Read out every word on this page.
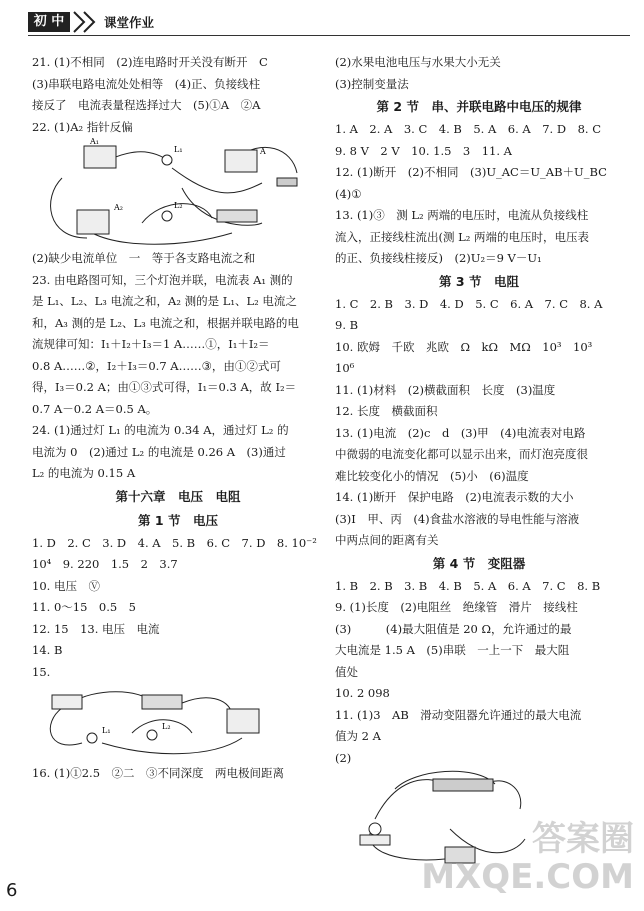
初 中	课堂作业
21. (1)不相同　(2)连电路时开关没有断开　C
(3)串联电路电流处处相等　(4)正、负接线柱
接反了　电流表量程选择过大　(5)①A　②A
22. (1)A₂ 指针反偏
A₁
A
A₂
L₁
L₂
(2)缺少电流单位　一　等于各支路电流之和
23. 由电路图可知，三个灯泡并联，电流表 A₁ 测的
是 L₁、L₂、L₃ 电流之和，A₂ 测的是 L₁、L₂ 电流之
和，A₃ 测的是 L₂、L₃ 电流之和，根据并联电路的电
流规律可知：I₁＋I₂＋I₃＝1 A……①，I₁＋I₂＝
0.8 A……②，I₂＋I₃＝0.7 A……③，由①②式可
得，I₃＝0.2 A；由①③式可得，I₁＝0.3 A，故 I₂＝
0.7 A－0.2 A＝0.5 A。
24. (1)通过灯 L₁ 的电流为 0.34 A，通过灯 L₂ 的
电流为 0　(2)通过 L₂ 的电流是 0.26 A　(3)通过
L₂ 的电流为 0.15 A
第十六章　电压　电阻
第 1 节　电压
1. D　2. C　3. D　4. A　5. B　6. C　7. D　8. 10⁻²
10⁴　9. 220　1.5　2　3.7
10. 电压　Ⓥ
11. 0～15　0.5　5
12. 15　13. 电压　电流
14. B
15.
L₁	L₂
16. (1)①2.5　②二　③不同深度　两电极间距离
(2)水果电池电压与水果大小无关
(3)控制变量法
第 2 节　串、并联电路中电压的规律
1. A　2. A　3. C　4. B　5. A　6. A　7. D　8. C
9. 8 V　2 V　10. 1.5　3　11. A
12. (1)断开　(2)不相同　(3)U_AC＝U_AB＋U_BC
(4)①
13. (1)③　测 L₂ 两端的电压时，电流从负接线柱
流入，正接线柱流出(测 L₂ 两端的电压时，电压表
的正、负接线柱接反)　(2)U₂＝9 V－U₁
第 3 节　电阻
1. C　2. B　3. D　4. D　5. C　6. A　7. C　8. A
9. B
10. 欧姆　千欧　兆欧　Ω　kΩ　MΩ　10³　10³
10⁶
11. (1)材料　(2)横截面积　长度　(3)温度
12. 长度　横截面积
13. (1)电流　(2)c　d　(3)甲　(4)电流表对电路
中微弱的电流变化都可以显示出来，而灯泡亮度很
难比较变化小的情况　(5)小　(6)温度
14. (1)断开　保护电路　(2)电流表示数的大小
(3)Ⅰ　甲、丙　(4)食盐水溶液的导电性能与溶液
中两点间的距离有关
第 4 节　变阻器
1. B　2. B　3. B　4. B　5. A　6. A　7. C　8. B
9. (1)长度　(2)电阻丝　绝缘管　滑片　接线柱
(3)　　　(4)最大阻值是 20 Ω，允许通过的最
大电流是 1.5 A　(5)串联　一上一下　最大阻
值处
10. 2 098
11. (1)3　AB　滑动变阻器允许通过的最大电流
值为 2 A
(2)
6
答案圈
MXQE.COM
